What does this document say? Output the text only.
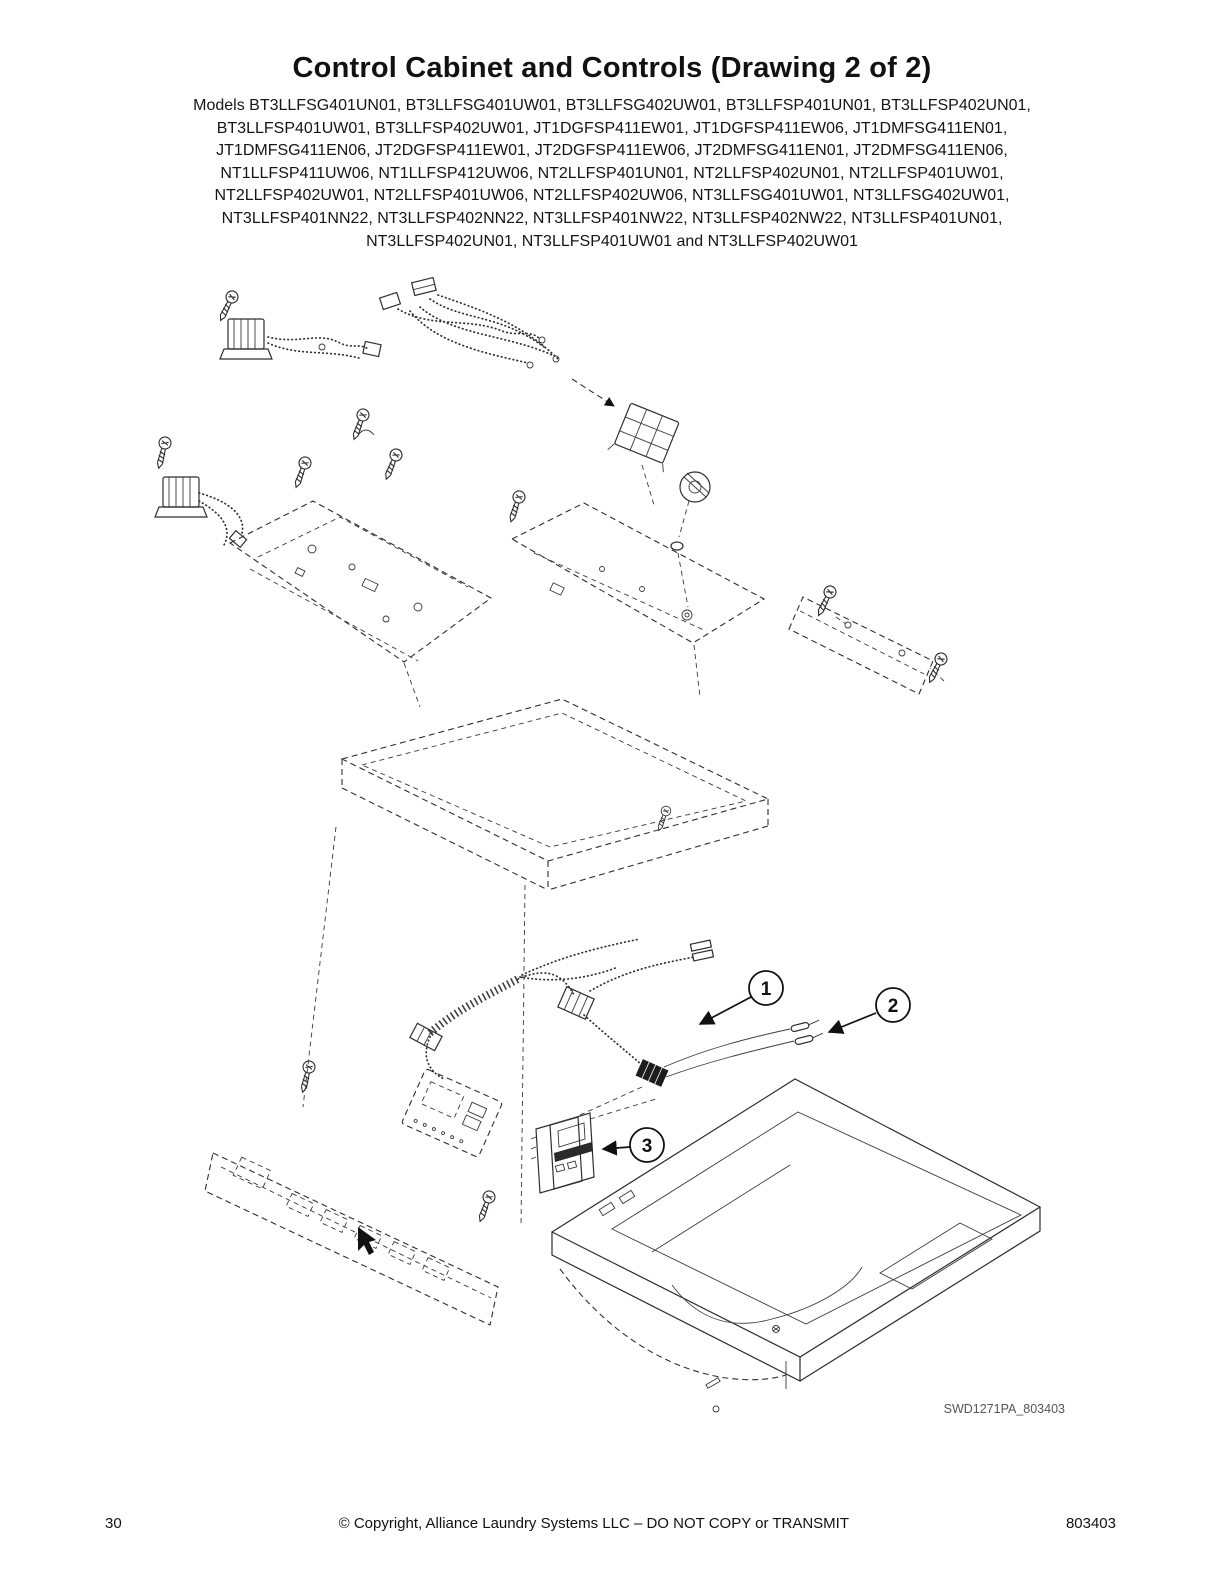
Control Cabinet and Controls (Drawing 2 of 2)
Models BT3LLFSG401UN01, BT3LLFSG401UW01, BT3LLFSG402UW01, BT3LLFSP401UN01, BT3LLFSP402UN01,
BT3LLFSP401UW01, BT3LLFSP402UW01, JT1DGFSP411EW01, JT1DGFSP411EW06, JT1DMFSG411EN01,
JT1DMFSG411EN06, JT2DGFSP411EW01, JT2DGFSP411EW06, JT2DMFSG411EN01, JT2DMFSG411EN06,
NT1LLFSP411UW06, NT1LLFSP412UW06, NT2LLFSP401UN01, NT2LLFSP402UN01, NT2LLFSP401UW01,
NT2LLFSP402UW01, NT2LLFSP401UW06, NT2LLFSP402UW06, NT3LLFSG401UW01, NT3LLFSG402UW01,
NT3LLFSP401NN22, NT3LLFSP402NN22, NT3LLFSP401NW22, NT3LLFSP402NW22, NT3LLFSP401UN01,
NT3LLFSP402UN01, NT3LLFSP401UW01 and NT3LLFSP402UW01
1
2
3
SWD1271PA_803403
30	© Copyright, Alliance Laundry Systems LLC – DO NOT COPY or TRANSMIT	803403
